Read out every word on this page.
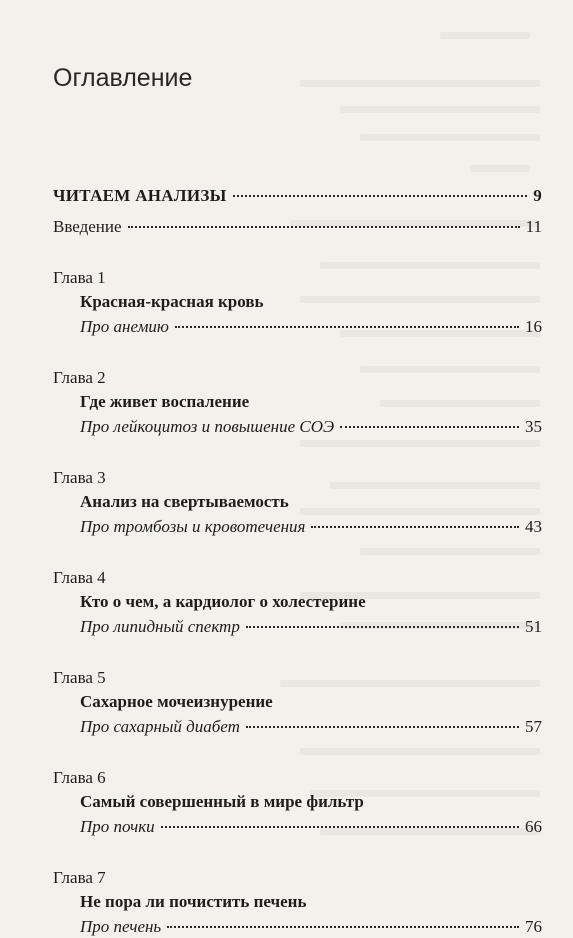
Оглавление
ЧИТАЕМ АНАЛИЗЫ	9
Введение	11
Глава 1
Красная-красная кровь
Про анемию	16
Глава 2
Где живет воспаление
Про лейкоцитоз и повышение СОЭ	35
Глава 3
Анализ на свертываемость
Про тромбозы и кровотечения	43
Глава 4
Кто о чем, а кардиолог о холестерине
Про липидный спектр	51
Глава 5
Сахарное мочеизнурение
Про сахарный диабет	57
Глава 6
Самый совершенный в мире фильтр
Про почки	66
Глава 7
Не пора ли почистить печень
Про печень	76
